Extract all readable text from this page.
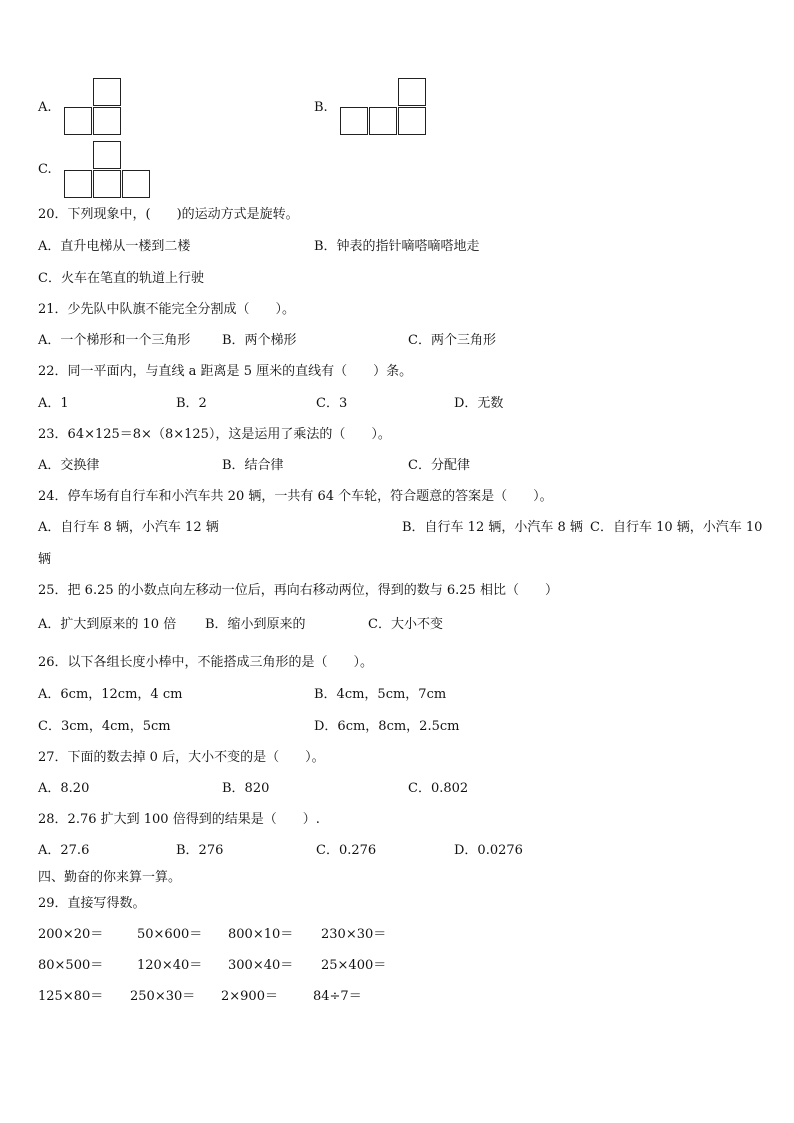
A.	B.
C.
20．下列现象中，(　　)的运动方式是旋转。
A．直升电梯从一楼到二楼	B．钟表的指针嘀嗒嘀嗒地走
C．火车在笔直的轨道上行驶
21．少先队中队旗不能完全分割成（　　）。
A．一个梯形和一个三角形 B．两个梯形	C．两个三角形
22．同一平面内，与直线 a 距离是 5 厘米的直线有（　　）条。
A．1	B．2	C．3	D．无数
23．64×125＝8×（8×125），这是运用了乘法的（　　）。
A．交换律	B．结合律	C．分配律
24．停车场有自行车和小汽车共 20 辆，一共有 64 个车轮，符合题意的答案是（　　）。
A．自行车 8 辆，小汽车 12 辆	B．自行车 12 辆，小汽车 8 辆 C．自行车 10 辆，小汽车 10
辆
25．把 6.25 的小数点向左移动一位后，再向右移动两位，得到的数与 6.25 相比（　　）
A．扩大到原来的 10 倍 B．缩小到原来的	C．大小不变
26．以下各组长度小棒中，不能搭成三角形的是（　　）。
A．6cm，12cm，4 cm	B．4cm，5cm，7cm
C．3cm，4cm，5cm	D．6cm，8cm，2.5cm
27．下面的数去掉 0 后，大小不变的是（　　）。
A．8.20	B．820	C．0.802
28．2.76 扩大到 100 倍得到的结果是（　　）.
A．27.6	B．276	C．0.276	D．0.0276
四、勤奋的你来算一算。
29．直接写得数。
200×20＝	50×600＝ 800×10＝ 230×30＝
80×500＝	120×40＝ 300×40＝ 25×400＝
125×80＝ 250×30＝ 2×900＝	84÷7＝
